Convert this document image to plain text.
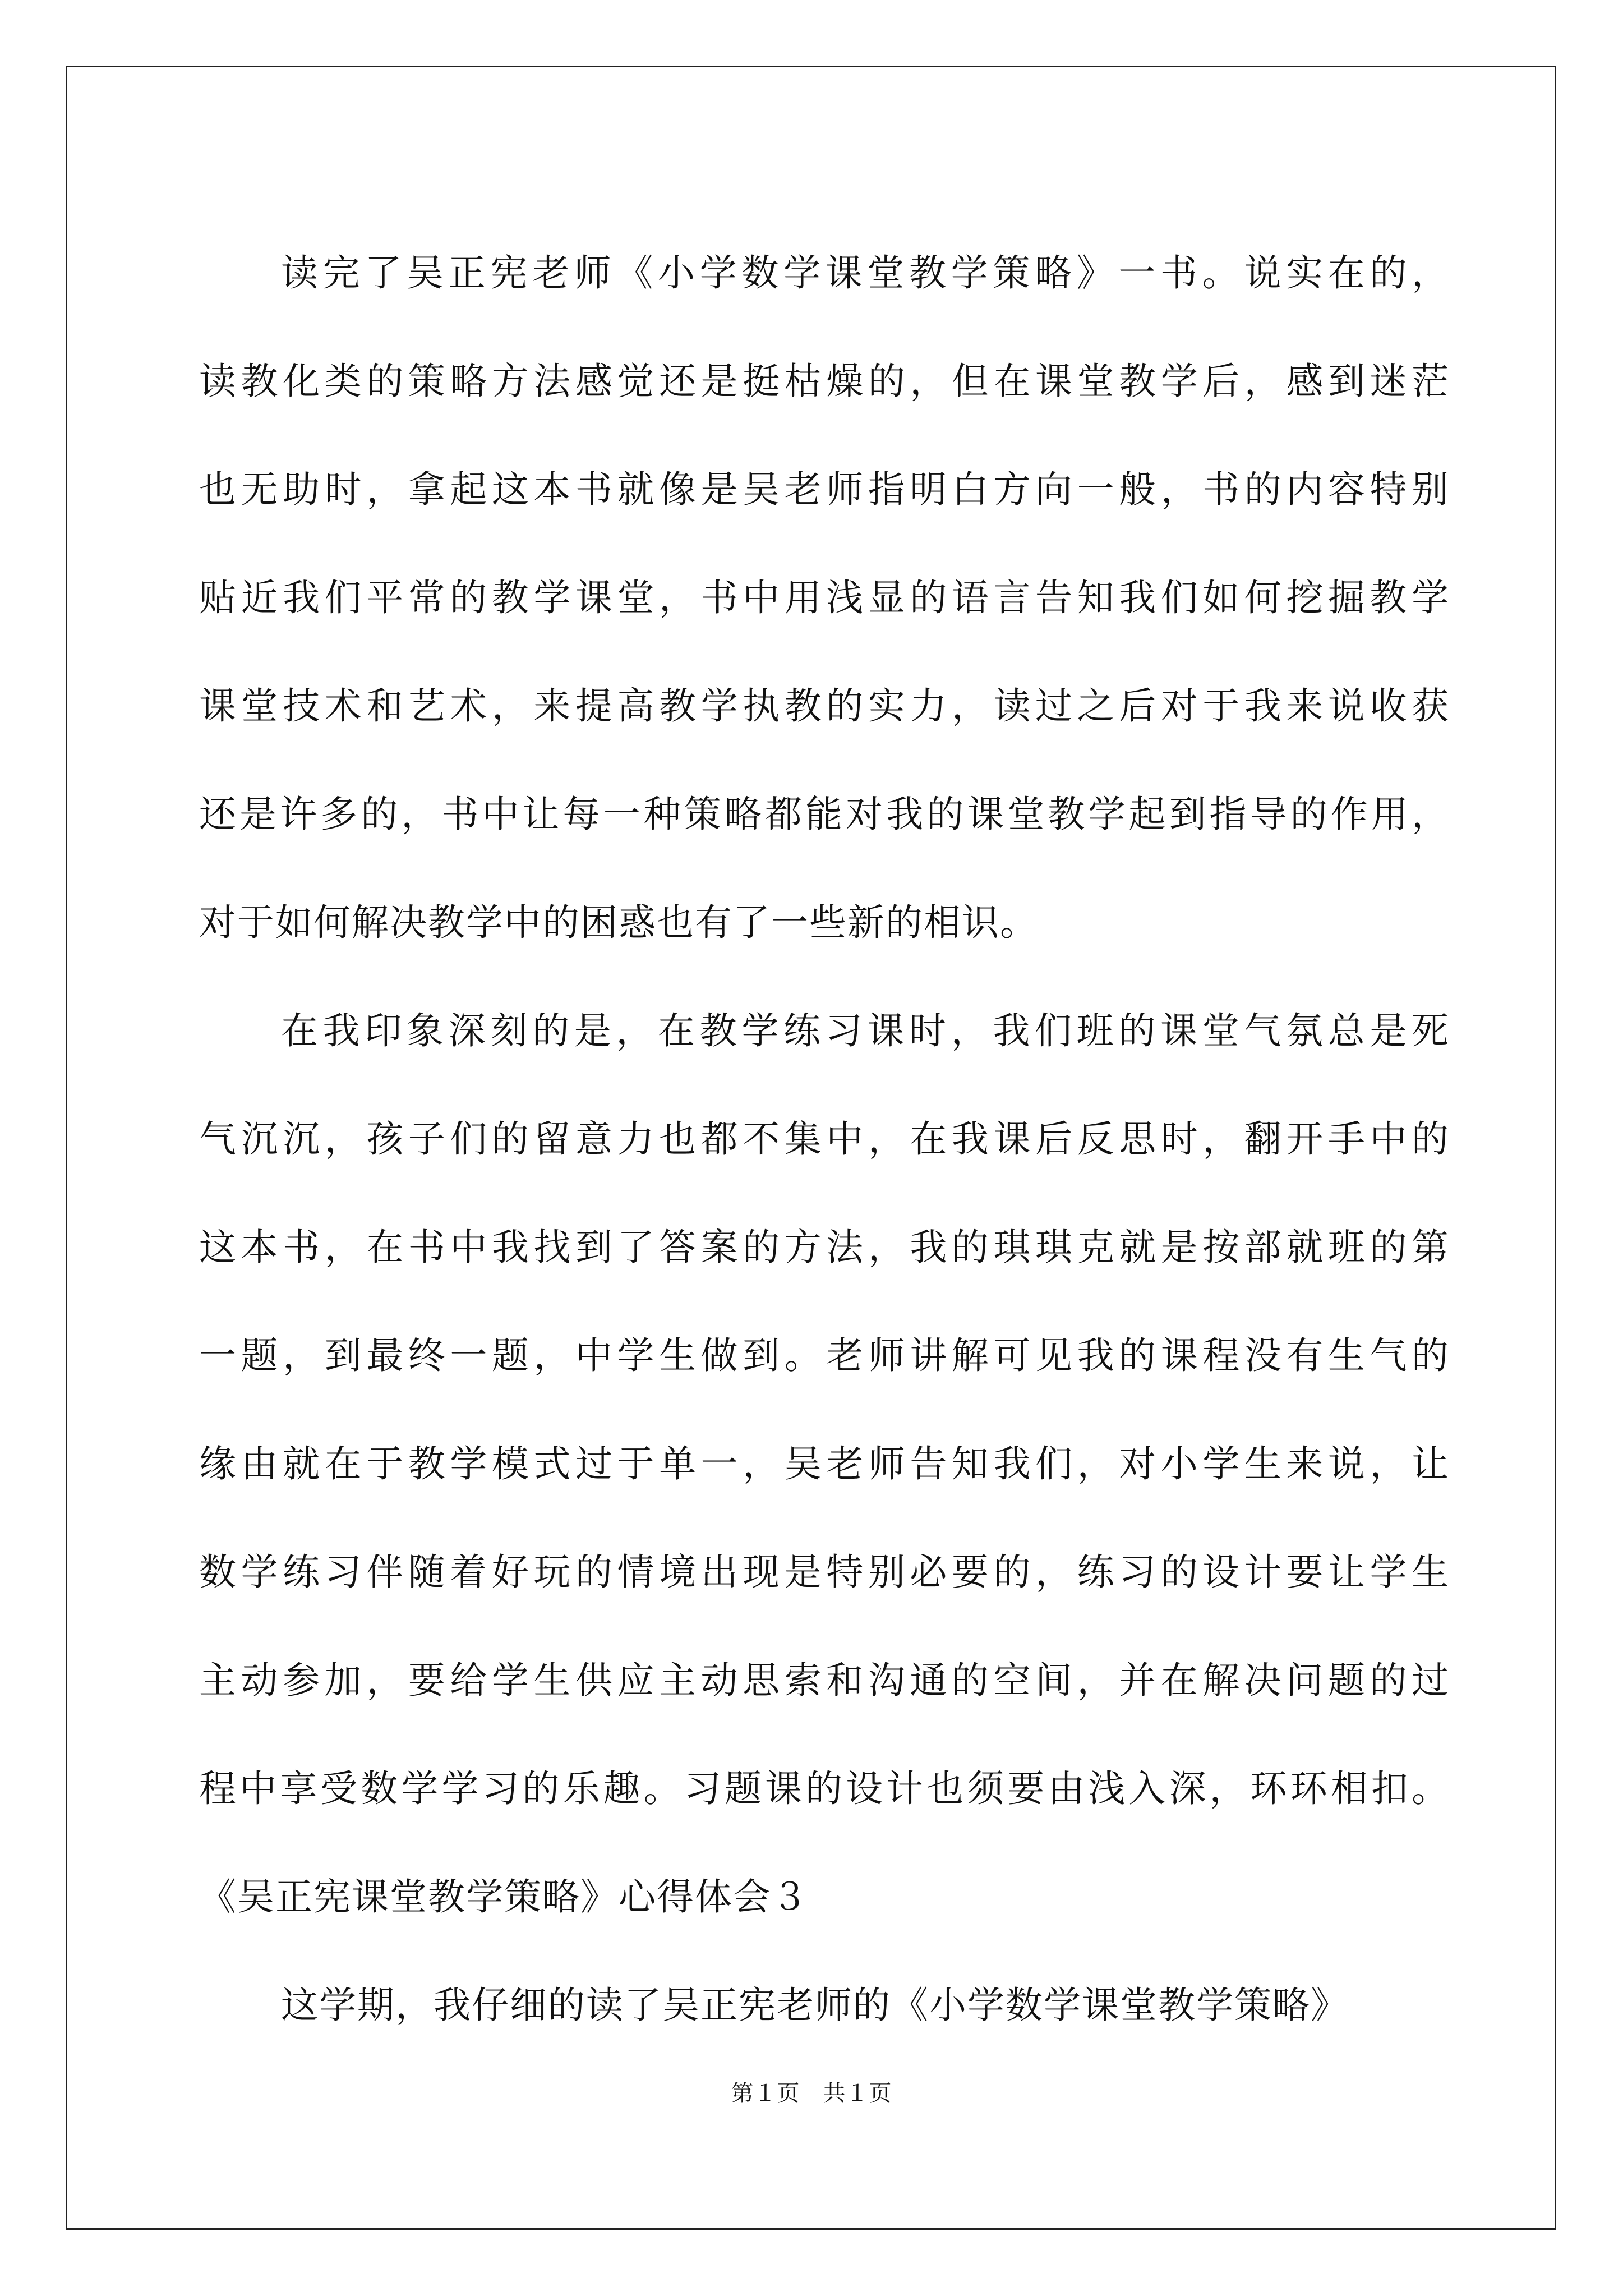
读完了吴正宪老师《小学数学课堂教学策略》一书。说实在的，
读教化类的策略方法感觉还是挺枯燥的，但在课堂教学后，感到迷茫
也无助时，拿起这本书就像是吴老师指明白方向一般，书的内容特别
贴近我们平常的教学课堂，书中用浅显的语言告知我们如何挖掘教学
课堂技术和艺术，来提高教学执教的实力，读过之后对于我来说收获
还是许多的，书中让每一种策略都能对我的课堂教学起到指导的作用，
对于如何解决教学中的困惑也有了一些新的相识。
在我印象深刻的是，在教学练习课时，我们班的课堂气氛总是死
气沉沉，孩子们的留意力也都不集中，在我课后反思时，翻开手中的
这本书，在书中我找到了答案的方法，我的琪琪克就是按部就班的第
一题，到最终一题，中学生做到。老师讲解可见我的课程没有生气的
缘由就在于教学模式过于单一，吴老师告知我们，对小学生来说，让
数学练习伴随着好玩的情境出现是特别必要的，练习的设计要让学生
主动参加，要给学生供应主动思索和沟通的空间，并在解决问题的过
程中享受数学学习的乐趣。习题课的设计也须要由浅入深，环环相扣。
《吴正宪课堂教学策略》心得体会３
这学期，我仔细的读了吴正宪老师的《小学数学课堂教学策略》
第１页　共１页
